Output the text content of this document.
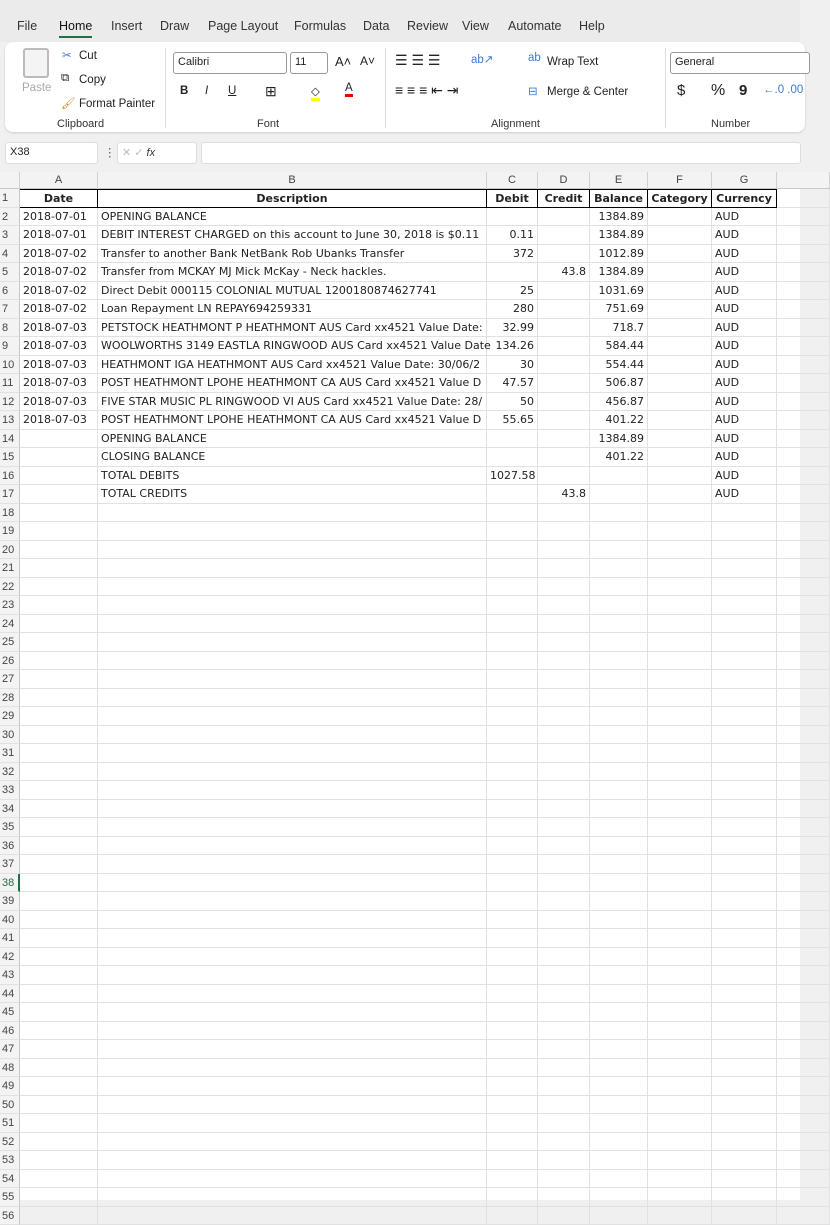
File Home Insert Draw Page Layout Formulas Data Review View Automate Help
Paste
✂ Cut
⧉ Copy
🖌 Format Painter
Clipboard
Calibri	11	A˄ A˅
B I U ⊞	◇ A
Font
☰ ☰ ☰	ab↗
≡ ≡ ≡ ⇤ ⇥
ab Wrap Text
⊟ Merge & Center
Alignment
General
$ % 9 ←.0 .00
Number
X38	⋮ ✕ ✓ fx
A	B	C	D	E	F	G
1	Date	Description	Debit	Credit	Balance Category Currency
2	2018-07-01	OPENING BALANCE	1384.89	AUD
3	2018-07-01	DEBIT INTEREST CHARGED on this account to June 30, 2018 is $0.11	0.11	1384.89	AUD
4	2018-07-02	Transfer to another Bank NetBank Rob Ubanks Transfer	372	1012.89	AUD
5	2018-07-02	Transfer from MCKAY MJ Mick McKay - Neck hackles.	43.8	1384.89	AUD
6	2018-07-02	Direct Debit 000115 COLONIAL MUTUAL 1200180874627741	25	1031.69	AUD
7	2018-07-02	Loan Repayment LN REPAY694259331	280	751.69	AUD
8	2018-07-03	PETSTOCK HEATHMONT P HEATHMONT AUS Card xx4521 Value Date:	32.99	718.7	AUD
9	2018-07-03	WOOLWORTHS 3149 EASTLA RINGWOOD AUS Card xx4521 Value Date 134.26	584.44	AUD
10 2018-07-03	HEATHMONT IGA HEATHMONT AUS Card xx4521 Value Date: 30/06/2	30	554.44	AUD
11 2018-07-03	POST HEATHMONT LPOHE HEATHMONT CA AUS Card xx4521 Value D	47.57	506.87	AUD
12 2018-07-03	FIVE STAR MUSIC PL RINGWOOD VI AUS Card xx4521 Value Date: 28/	50	456.87	AUD
13 2018-07-03	POST HEATHMONT LPOHE HEATHMONT CA AUS Card xx4521 Value D	55.65	401.22	AUD
14	OPENING BALANCE	1384.89	AUD
15	CLOSING BALANCE	401.22	AUD
16	TOTAL DEBITS	1027.58	AUD
17	TOTAL CREDITS	43.8	AUD
18
19
20
21
22
23
24
25
26
27
28
29
30
31
32
33
34
35
36
37
38
39
40
41
42
43
44
45
46
47
48
49
50
51
52
53
54
55
56
